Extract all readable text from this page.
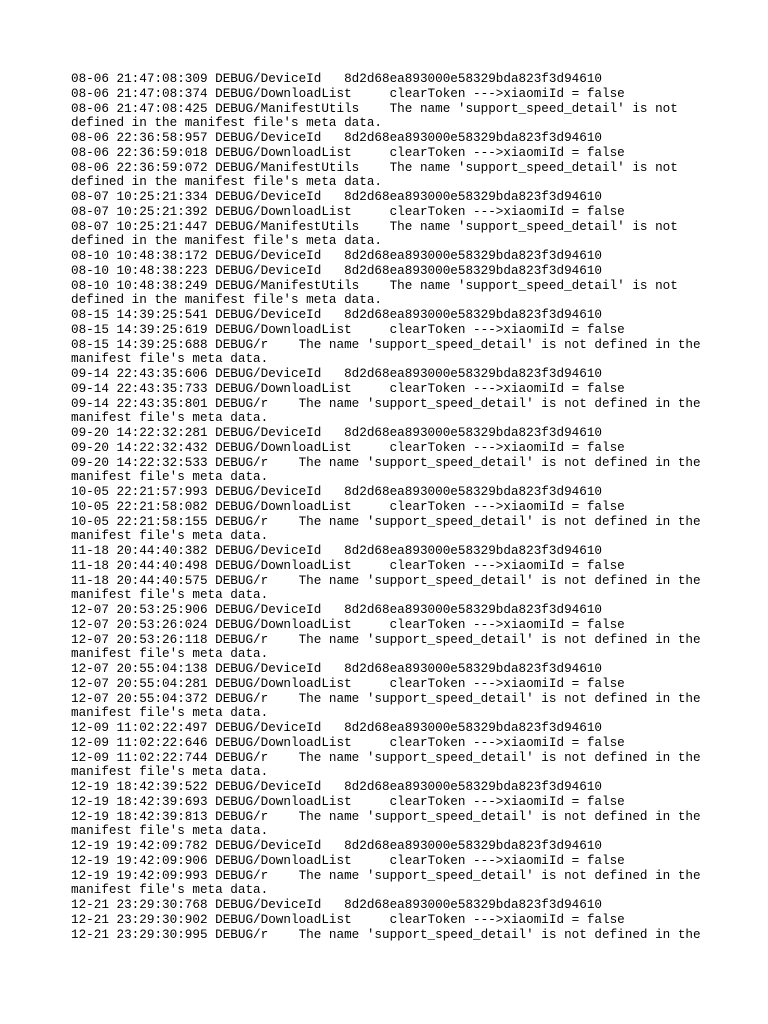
08-06 21:47:08:309 DEBUG/DeviceId   8d2d68ea893000e58329bda823f3d94610
08-06 21:47:08:374 DEBUG/DownloadList     clearToken --->xiaomiId = false
08-06 21:47:08:425 DEBUG/ManifestUtils    The name 'support_speed_detail' is not
defined in the manifest file's meta data.
08-06 22:36:58:957 DEBUG/DeviceId   8d2d68ea893000e58329bda823f3d94610
08-06 22:36:59:018 DEBUG/DownloadList     clearToken --->xiaomiId = false
08-06 22:36:59:072 DEBUG/ManifestUtils    The name 'support_speed_detail' is not
defined in the manifest file's meta data.
08-07 10:25:21:334 DEBUG/DeviceId   8d2d68ea893000e58329bda823f3d94610
08-07 10:25:21:392 DEBUG/DownloadList     clearToken --->xiaomiId = false
08-07 10:25:21:447 DEBUG/ManifestUtils    The name 'support_speed_detail' is not
defined in the manifest file's meta data.
08-10 10:48:38:172 DEBUG/DeviceId   8d2d68ea893000e58329bda823f3d94610
08-10 10:48:38:223 DEBUG/DeviceId   8d2d68ea893000e58329bda823f3d94610
08-10 10:48:38:249 DEBUG/ManifestUtils    The name 'support_speed_detail' is not
defined in the manifest file's meta data.
08-15 14:39:25:541 DEBUG/DeviceId   8d2d68ea893000e58329bda823f3d94610
08-15 14:39:25:619 DEBUG/DownloadList     clearToken --->xiaomiId = false
08-15 14:39:25:688 DEBUG/r    The name 'support_speed_detail' is not defined in the
manifest file's meta data.
09-14 22:43:35:606 DEBUG/DeviceId   8d2d68ea893000e58329bda823f3d94610
09-14 22:43:35:733 DEBUG/DownloadList     clearToken --->xiaomiId = false
09-14 22:43:35:801 DEBUG/r    The name 'support_speed_detail' is not defined in the
manifest file's meta data.
09-20 14:22:32:281 DEBUG/DeviceId   8d2d68ea893000e58329bda823f3d94610
09-20 14:22:32:432 DEBUG/DownloadList     clearToken --->xiaomiId = false
09-20 14:22:32:533 DEBUG/r    The name 'support_speed_detail' is not defined in the
manifest file's meta data.
10-05 22:21:57:993 DEBUG/DeviceId   8d2d68ea893000e58329bda823f3d94610
10-05 22:21:58:082 DEBUG/DownloadList     clearToken --->xiaomiId = false
10-05 22:21:58:155 DEBUG/r    The name 'support_speed_detail' is not defined in the
manifest file's meta data.
11-18 20:44:40:382 DEBUG/DeviceId   8d2d68ea893000e58329bda823f3d94610
11-18 20:44:40:498 DEBUG/DownloadList     clearToken --->xiaomiId = false
11-18 20:44:40:575 DEBUG/r    The name 'support_speed_detail' is not defined in the
manifest file's meta data.
12-07 20:53:25:906 DEBUG/DeviceId   8d2d68ea893000e58329bda823f3d94610
12-07 20:53:26:024 DEBUG/DownloadList     clearToken --->xiaomiId = false
12-07 20:53:26:118 DEBUG/r    The name 'support_speed_detail' is not defined in the
manifest file's meta data.
12-07 20:55:04:138 DEBUG/DeviceId   8d2d68ea893000e58329bda823f3d94610
12-07 20:55:04:281 DEBUG/DownloadList     clearToken --->xiaomiId = false
12-07 20:55:04:372 DEBUG/r    The name 'support_speed_detail' is not defined in the
manifest file's meta data.
12-09 11:02:22:497 DEBUG/DeviceId   8d2d68ea893000e58329bda823f3d94610
12-09 11:02:22:646 DEBUG/DownloadList     clearToken --->xiaomiId = false
12-09 11:02:22:744 DEBUG/r    The name 'support_speed_detail' is not defined in the
manifest file's meta data.
12-19 18:42:39:522 DEBUG/DeviceId   8d2d68ea893000e58329bda823f3d94610
12-19 18:42:39:693 DEBUG/DownloadList     clearToken --->xiaomiId = false
12-19 18:42:39:813 DEBUG/r    The name 'support_speed_detail' is not defined in the
manifest file's meta data.
12-19 19:42:09:782 DEBUG/DeviceId   8d2d68ea893000e58329bda823f3d94610
12-19 19:42:09:906 DEBUG/DownloadList     clearToken --->xiaomiId = false
12-19 19:42:09:993 DEBUG/r    The name 'support_speed_detail' is not defined in the
manifest file's meta data.
12-21 23:29:30:768 DEBUG/DeviceId   8d2d68ea893000e58329bda823f3d94610
12-21 23:29:30:902 DEBUG/DownloadList     clearToken --->xiaomiId = false
12-21 23:29:30:995 DEBUG/r    The name 'support_speed_detail' is not defined in the
